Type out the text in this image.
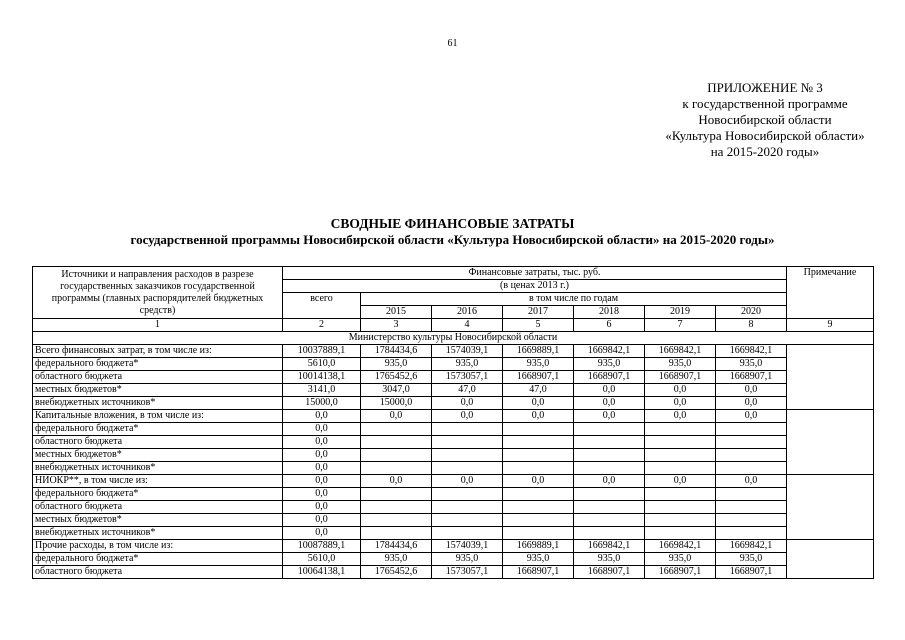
61
ПРИЛОЖЕНИЕ № 3
к государственной программе
Новосибирской области
«Культура Новосибирской области»
на 2015-2020 годы»
СВОДНЫЕ ФИНАНСОВЫЕ ЗАТРАТЫ
государственной программы Новосибирской области «Культура Новосибирской области» на 2015-2020 годы»
Источники и направления расходов в разрезе государственных заказчиков государственной программы (главных распорядителей бюджетных средств)	Финансовые затраты, тыс. руб.							Примечание
	(в ценах 2013 г.)							
	всего	в том числе по годам						
		2015	2016	2017	2018	2019	2020	
1	2	3	4	5	6	7	8	9
Министерство культуры Новосибирской области								
Всего финансовых затрат, в том числе из:	10037889,1	1784434,6	1574039,1	1669889,1	1669842,1	1669842,1	1669842,1	
федерального бюджета*	5610,0	935,0	935,0	935,0	935,0	935,0	935,0	
областного бюджета	10014138,1	1765452,6	1573057,1	1668907,1	1668907,1	1668907,1	1668907,1	
местных бюджетов*	3141,0	3047,0	47,0	47,0	0,0	0,0	0,0	
внебюджетных источников*	15000,0	15000,0	0,0	0,0	0,0	0,0	0,0	
Капитальные вложения, в том числе из:	0,0	0,0	0,0	0,0	0,0	0,0	0,0	
федерального бюджета*	0,0							
областного бюджета	0,0							
местных бюджетов*	0,0							
внебюджетных источников*	0,0							
НИОКР**, в том числе из:	0,0	0,0	0,0	0,0	0,0	0,0	0,0	
федерального бюджета*	0,0							
областного бюджета	0,0							
местных бюджетов*	0,0							
внебюджетных источников*	0,0							
Прочие расходы, в том числе из:	10087889,1	1784434,6	1574039,1	1669889,1	1669842,1	1669842,1	1669842,1	
федерального бюджета*	5610,0	935,0	935,0	935,0	935,0	935,0	935,0	
областного бюджета	10064138,1	1765452,6	1573057,1	1668907,1	1668907,1	1668907,1	1668907,1	
